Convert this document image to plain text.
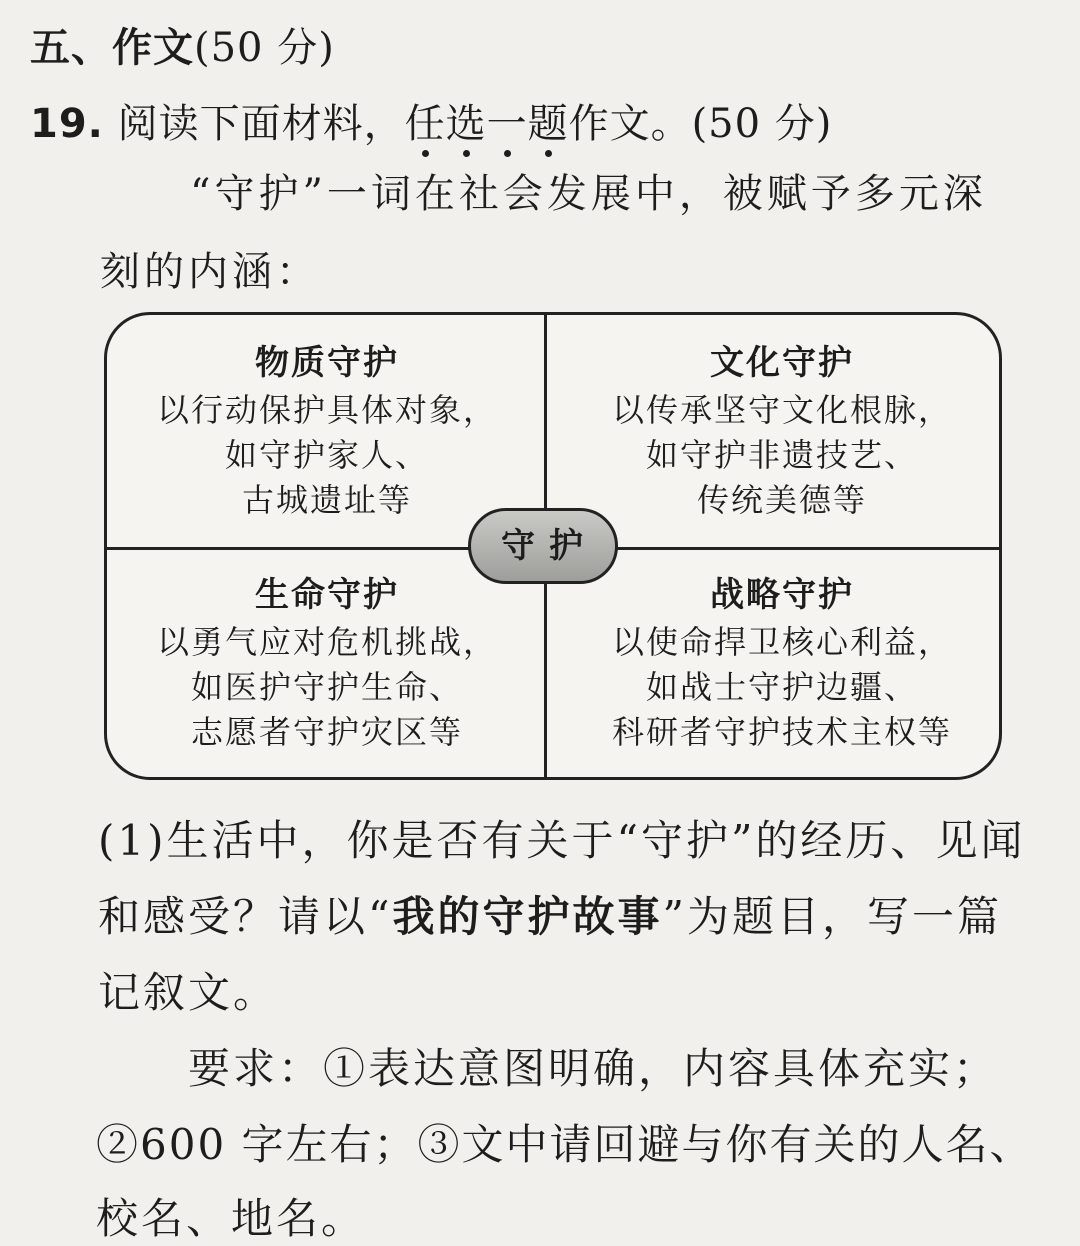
五、作文(50 分)
19. 阅读下面材料，任选一题作文。(50 分)
“守护”一词在社会发展中，被赋予多元深
刻的内涵：
物质守护
以行动保护具体对象，
如守护家人、
古城遗址等
文化守护
以传承坚守文化根脉，
如守护非遗技艺、
传统美德等
生命守护
以勇气应对危机挑战，
如医护守护生命、
志愿者守护灾区等
战略守护
以使命捍卫核心利益，
如战士守护边疆、
科研者守护技术主权等
守护
(1)生活中，你是否有关于“守护”的经历、见闻
和感受？请以“我的守护故事”为题目，写一篇
记叙文。
要求：①表达意图明确，内容具体充实；
②600 字左右；③文中请回避与你有关的人名、
校名、地名。
